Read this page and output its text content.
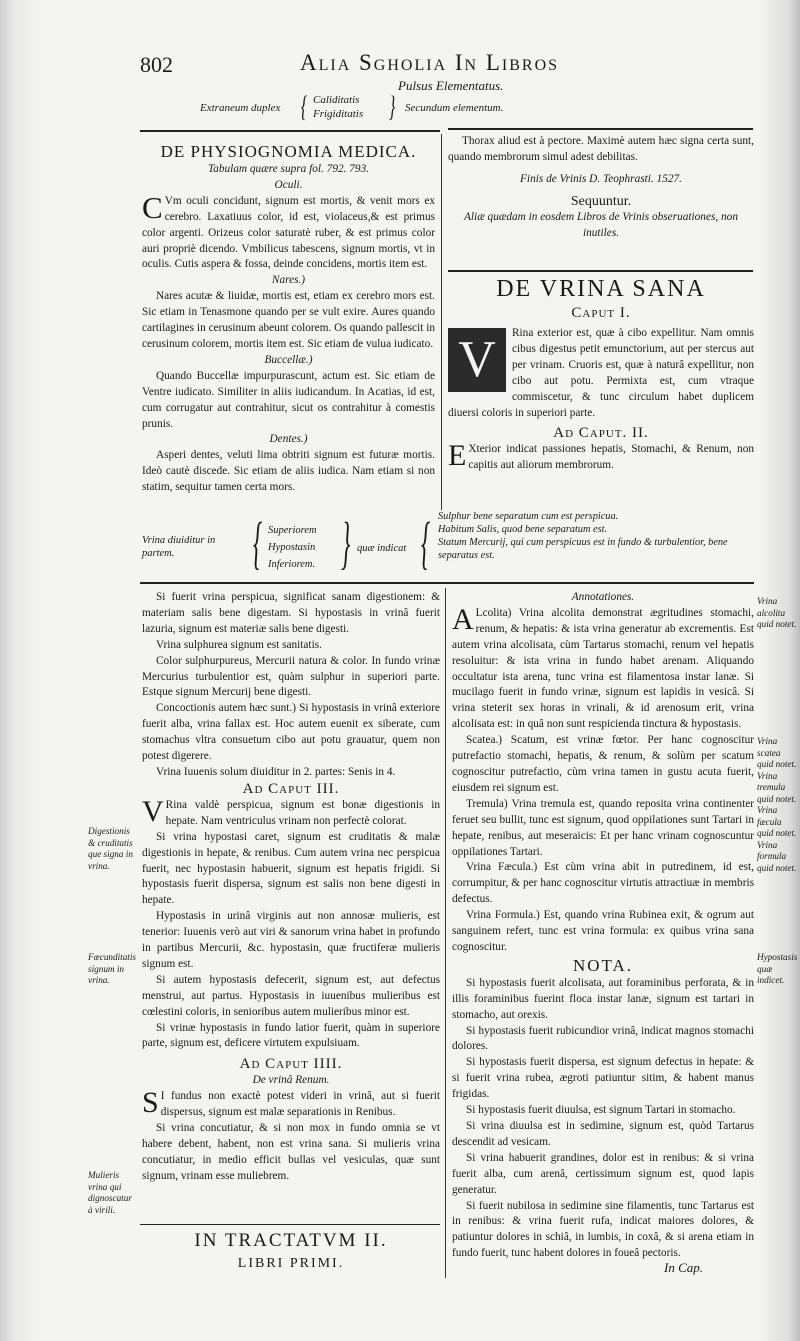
802	Alia Sgholia In Libros
Pulsus Elementatus.
Extraneum duplex { Caliditatis
Frigiditatis } Secundum elementum.
DE PHYSIOGNOMIA MEDICA.
Tabulam quære supra fol. 792. 793.
Oculi.

C Vm oculi concidunt, signum est mortis, & venit mors ex cerebro. Laxatiuus color, id est, violaceus,& est primus color argenti. Orizeus color saturatè ruber, & est primus color auri propriè dicendo. Vmbilicus tabescens, signum mortis, vt in oculis. Cutis aspera & fossa, deinde concidens, mortis item est.

Nares.)

Nares acutæ & liuidæ, mortis est, etiam ex cerebro mors est. Sic etiam in Tenasmone quando per se vult exire. Aures quando cartilagines in cerusinum abeunt colorem. Os quando pallescit in cerusinum colorem, mortis item est. Sic etiam de vulua iudicato.

Buccellæ.)

Quando Buccellæ impurpurascunt, actum est. Sic etiam de Ventre iudicato. Similiter in aliis iudicandum. In Acatias, id est, cum corrugatur aut contrahitur, sicut os contrahitur à comestis prunis.

Dentes.)

Asperi dentes, veluti lima obtriti signum est futuræ mortis. Ideò cautè discede. Sic etiam de aliis iudica. Nam etiam si non statim, sequitur tamen certa mors.

Thorax aliud est à pectore. Maximè autem hæc signa certa sunt, quando membrorum simul adest debilitas.

Finis de Vrinis D. Teophrasti. 1527.
Sequuntur.
Aliæ quædam in eosdem Libros de Vrinis obseruationes, non inutiles.
DE VRINA SANA
Caput I.

V	Rina exterior est, quæ à cibo expellitur. Nam omnis cibus digestus petit emunctorium, aut per stercus aut per vrinam. Cruoris est, quæ à naturâ expellitur, non cibo aut potu. Permixta est, cum vtraque commiscetur, & tunc circulum habet duplicem diuersi coloris in superiori parte.

Ad Caput. II.

E Xterior indicat passiones hepatis, Stomachi, & Renum, non capitis aut aliorum membrorum.

Vrina diuiditur in partem.	{ Superiorem
Hypostasin
Inferiorem. } quæ indicat { Sulphur bene separatum cum est perspicua.
Habitum Salis, quod bene separatum est.
Statum Mercurij, qui cum perspicuus est in fundo & turbulentior, bene separatus est.

Si fuerit vrina perspicua, significat sanam digestionem: & materiam salis bene digestam. Si hypostasis in vrinâ fuerit lazuria, signum est materiæ salis bene digesti.

Vrina sulphurea signum est sanitatis.

Color sulphurpureus, Mercurii natura & color. In fundo vrinæ Mercurius turbulentior est, quàm sulphur in superiori parte. Estque signum Mercurij bene digesti.

Concoctionis autem hæc sunt.) Si hypostasis in vrinâ exteriore fuerit alba, vrina fallax est. Hoc autem euenit ex siberate, cum stomachus vltra consuetum cibo aut potu grauatur, quem non potest digerere.

Vrina Iuuenis solum diuiditur in 2. partes: Senis in 4.

Ad Caput III.

V Rina valdè perspicua, signum est bonæ digestionis in hepate. Nam ventriculus vrinam non perfectè colorat.

Si vrina hypostasi caret, signum est cruditatis & malæ digestionis in hepate, & renibus. Cum autem vrina nec perspicua fuerit, nec hypostasin habuerit, signum est hepatis frigidi. Si hypostasis fuerit dispersa, signum est salis non bene digesti in hepate.

Hypostasis in urinâ virginis aut non annosæ mulieris, est tenerior: Iuuenis verò aut viri & sanorum vrina habet in profundo in partibus Mercurii, &c. hypostasin, quæ fructiferæ mulieris signum est.

Si autem hypostasis defecerit, signum est, aut defectus menstrui, aut partus. Hypostasis in iuuenibus mulieribus est cœlestini coloris, in senioribus autem mulieribus minor est.

Si vrinæ hypostasis in fundo latior fuerit, quàm in superiore parte, signum est, deficere virtutem expulsiuam.

Ad Caput IIII.
De vrinâ Renum.

S I fundus non exactè potest videri in vrinâ, aut si fuerit dispersus, signum est malæ separationis in Renibus.

Si vrina concutiatur, & si non mox in fundo omnia se vt habere debent, habent, non est vrina sana. Si mulieris vrina concutiatur, in medio efficit bullas vel vesiculas, quæ sunt signum, vrinam esse muliebrem.

IN TRACTATVM II.
LIBRI PRIMI.
Digestionis & cruditatis que signa in vrina.
Fœcunditatis signum in vrina.
Mulieris vrina qui dignoscatur à virili.
Annotationes.

A Lcolita) Vrina alcolita demonstrat ægritudines stomachi, renum, & hepatis: & ista vrina generatur ab excrementis. Est autem vrina alcolisata, cùm Tartarus stomachi, renum vel hepatis resoluitur: & ista vrina in fundo habet arenam. Aliquando occultatur ista arena, tunc vrina est filamentosa instar lanæ. Si mucilago fuerit in fundo vrinæ, signum est lapidis in vesicâ. Si vrina steterit sex horas in vrinali, & id arenosum erit, vrina alcolisata est: in quâ non sunt respicienda tinctura & hypostasis.

Scatea.) Scatum, est vrinæ fœtor. Per hanc cognoscitur putrefactio stomachi, hepatis, & renum, & solùm per scatum cognoscitur putrefactio, cùm vrina tamen in gustu acuta fuerit, eiusdem rei signum est.

Tremula) Vrina tremula est, quando reposita vrina continenter feruet seu bullit, tunc est signum, quod oppilationes sunt Tartari in hepate, renibus, aut meseraicis: Et per hanc vrinam cognoscuntur oppilationes Tartari.

Vrina Fæcula.) Est cùm vrina abit in putredinem, id est, corrumpitur, & per hanc cognoscitur virtutis attractiuæ in membris defectus.

Vrina Formula.) Est, quando vrina Rubinea exit, & ogrum aut sanguinem refert, tunc est vrina formula: ex quibus vrina sana cognoscitur.

NOTA.

Si hypostasis fuerit alcolisata, aut foraminibus perforata, & in illis foraminibus fuerint floca instar lanæ, signum est tartari in stomacho, aut orexis.

Si hypostasis fuerit rubicundior vrinâ, indicat magnos stomachi dolores.

Si hypostasis fuerit dispersa, est signum defectus in hepate: & si fuerit vrina rubea, ægroti patiuntur sitim, & habent manus frigidas.

Si hypostasis fuerit diuulsa, est signum Tartari in stomacho.

Si vrina diuulsa est in sedimine, signum est, quòd Tartarus descendit ad vesicam.

Si vrina habuerit grandines, dolor est in renibus: & si vrina fuerit alba, cum arenâ, certissimum signum est, quod lapis generatur.

Si fuerit nubilosa in sedimine sine filamentis, tunc Tartarus est in renibus: & vrina fuerit rufa, indicat maiores dolores, & patiuntur dolores in schiâ, in lumbis, in coxâ, & si arena etiam in fundo fuerit, tunc habent dolores in foueâ pectoris.

In Cap.
Vrina alcolita quid notet.
Vrina scatea quid notet. Vrina tremula quid notet. Vrina fæcula quid notet. Vrina formula quid notet.
Hypostasis quæ indicet.
